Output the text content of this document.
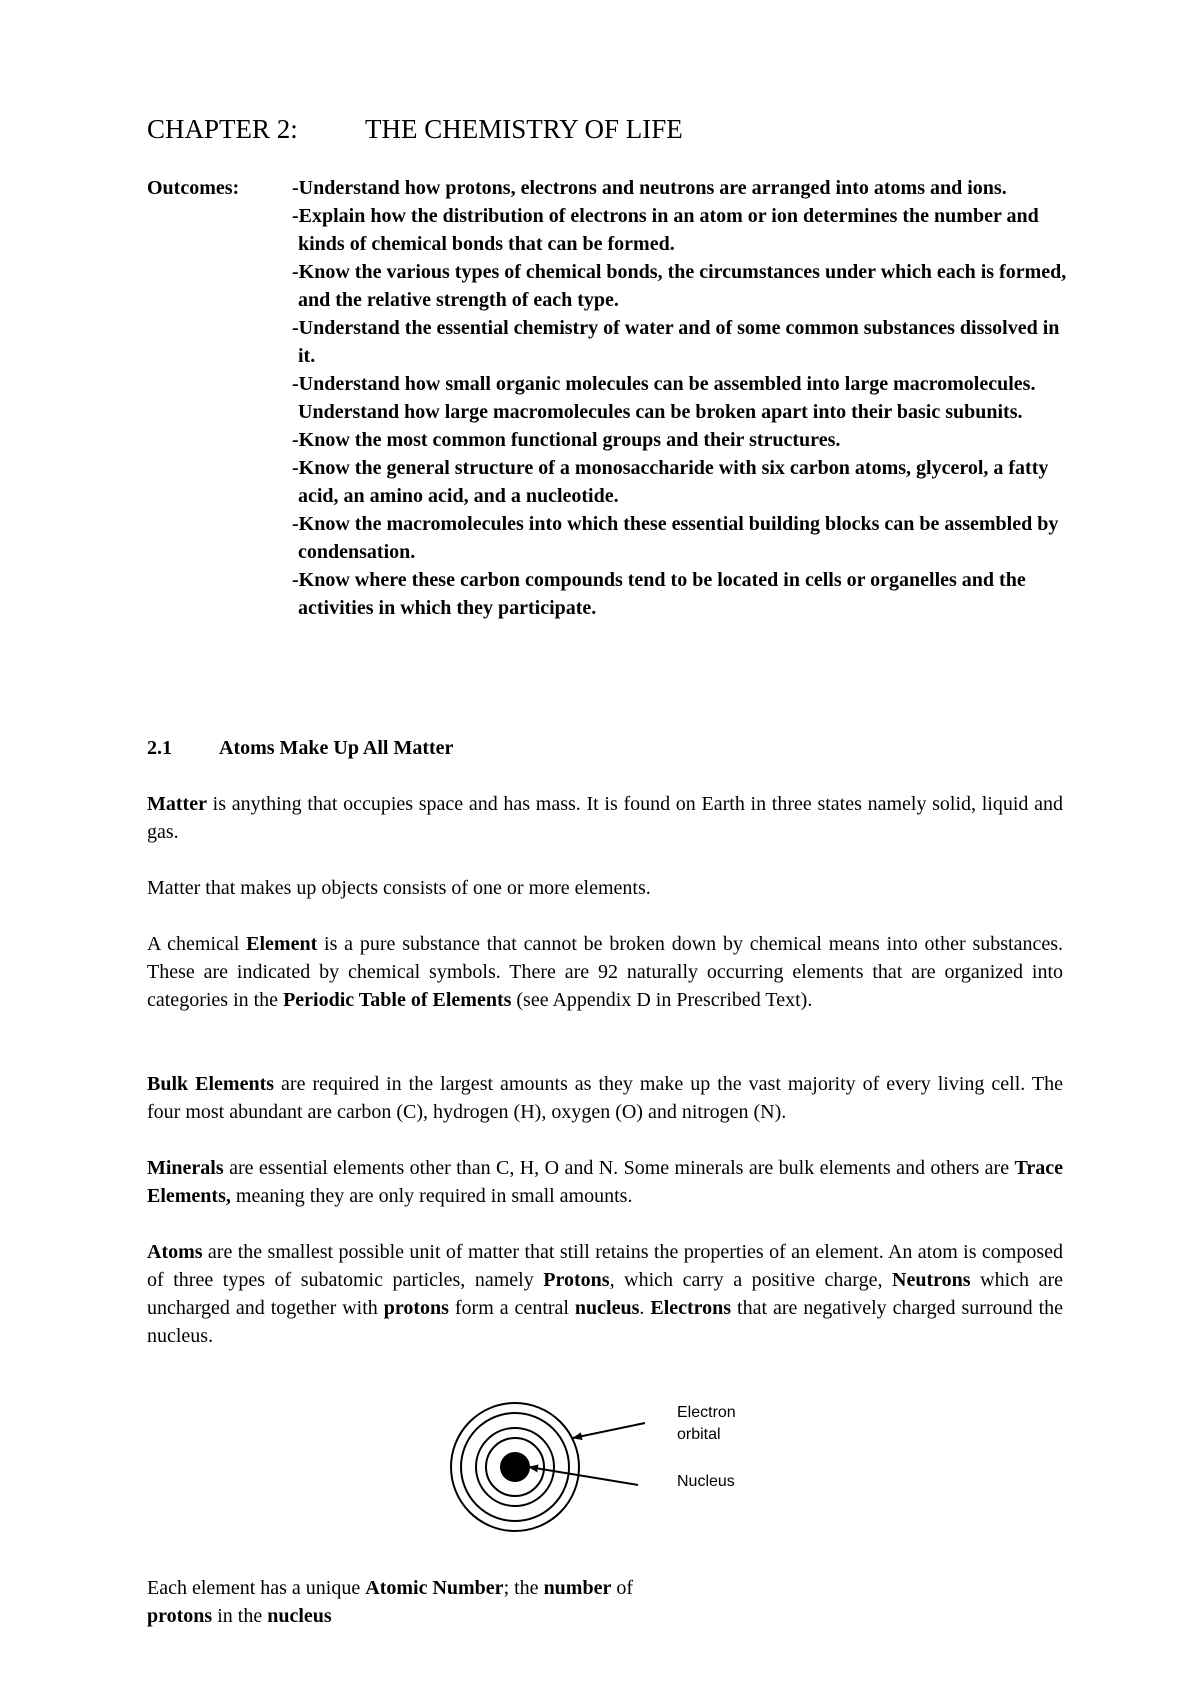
CHAPTER 2: THE CHEMISTRY OF LIFE
Outcomes:	-Understand how protons, electrons and neutrons are arranged into atoms and ions.
-Explain how the distribution of electrons in an atom or ion determines the number and kinds of chemical bonds that can be formed.
-Know the various types of chemical bonds, the circumstances under which each is formed, and the relative strength of each type.
-Understand the essential chemistry of water and of some common substances dissolved in it.
-Understand how small organic molecules can be assembled into large macromolecules. Understand how large macromolecules can be broken apart into their basic subunits.
-Know the most common functional groups and their structures.
-Know the general structure of a monosaccharide with six carbon atoms, glycerol, a fatty acid, an amino acid, and a nucleotide.
-Know the macromolecules into which these essential building blocks can be assembled by condensation.
-Know where these carbon compounds tend to be located in cells or organelles and the activities in which they participate.
2.1 Atoms Make Up All Matter

Matter is anything that occupies space and has mass. It is found on Earth in three states namely solid, liquid and gas.

Matter that makes up objects consists of one or more elements.

A chemical Element is a pure substance that cannot be broken down by chemical means into other substances. These are indicated by chemical symbols. There are 92 naturally occurring elements that are organized into categories in the Periodic Table of Elements (see Appendix D in Prescribed Text).

Bulk Elements are required in the largest amounts as they make up the vast majority of every living cell. The four most abundant are carbon (C), hydrogen (H), oxygen (O) and nitrogen (N).

Minerals are essential elements other than C, H, O and N. Some minerals are bulk elements and others are Trace Elements, meaning they are only required in small amounts.

Atoms are the smallest possible unit of matter that still retains the properties of an element. An atom is composed of three types of subatomic particles, namely Protons, which carry a positive charge, Neutrons which are uncharged and together with protons form a central nucleus. Electrons that are negatively charged surround the nucleus.

Electron orbital
Nucleus

Each element has a unique Atomic Number; the number of protons in the nucleus
